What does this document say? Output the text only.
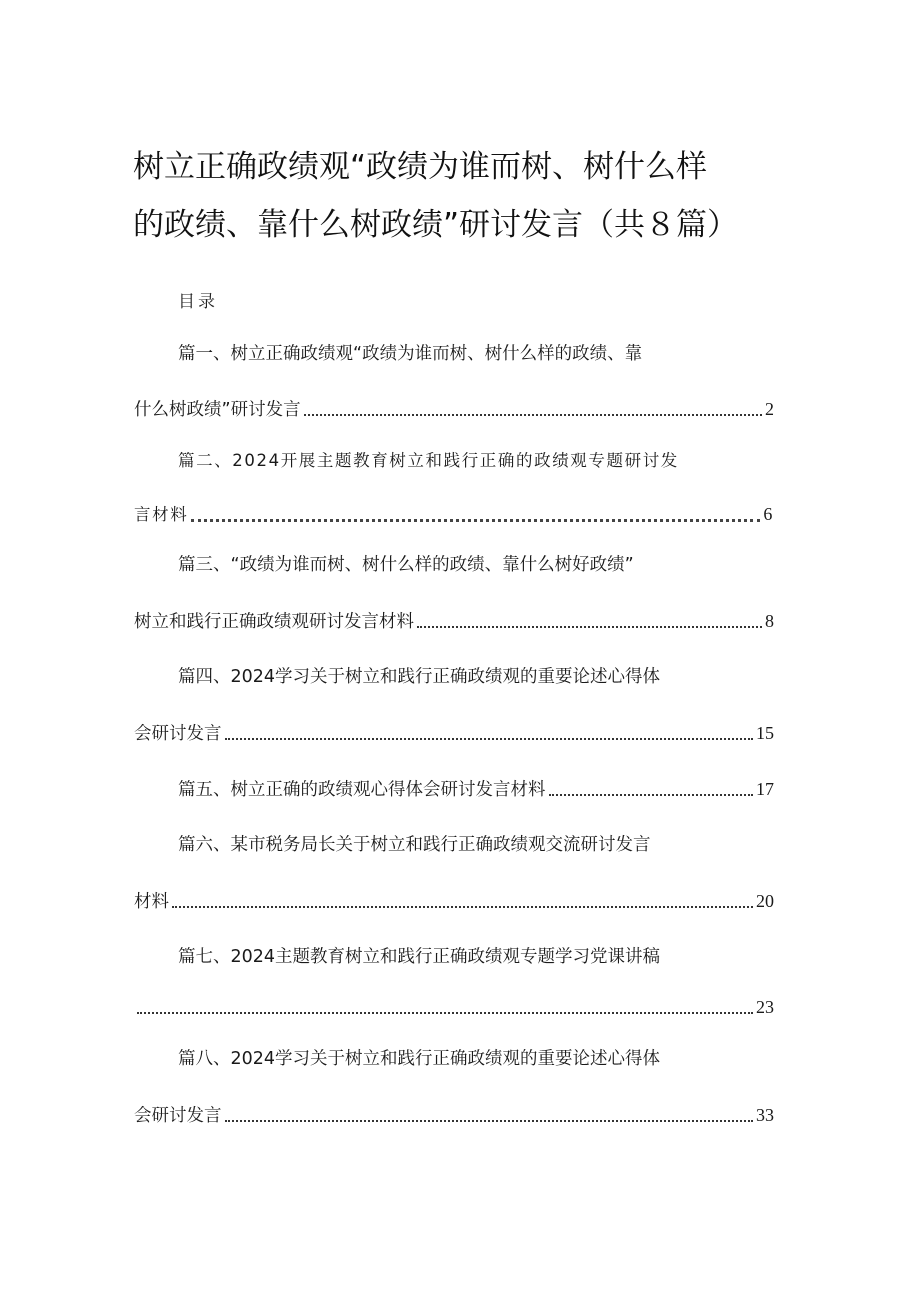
树立正确政绩观“政绩为谁而树、树什么样
的政绩、靠什么树政绩”研讨发言（共８篇）
目录
篇一、树立正确政绩观“政绩为谁而树、树什么样的政绩、靠
什么树政绩”研讨发言	2
篇二、2024开展主题教育树立和践行正确的政绩观专题研讨发
言材料	6
篇三、“政绩为谁而树、树什么样的政绩、靠什么树好政绩”
树立和践行正确政绩观研讨发言材料	8
篇四、2024学习关于树立和践行正确政绩观的重要论述心得体
会研讨发言	15
篇五、树立正确的政绩观心得体会研讨发言材料	17
篇六、某市税务局长关于树立和践行正确政绩观交流研讨发言
材料	20
篇七、2024主题教育树立和践行正确政绩观专题学习党课讲稿
23
篇八、2024学习关于树立和践行正确政绩观的重要论述心得体
会研讨发言	33
